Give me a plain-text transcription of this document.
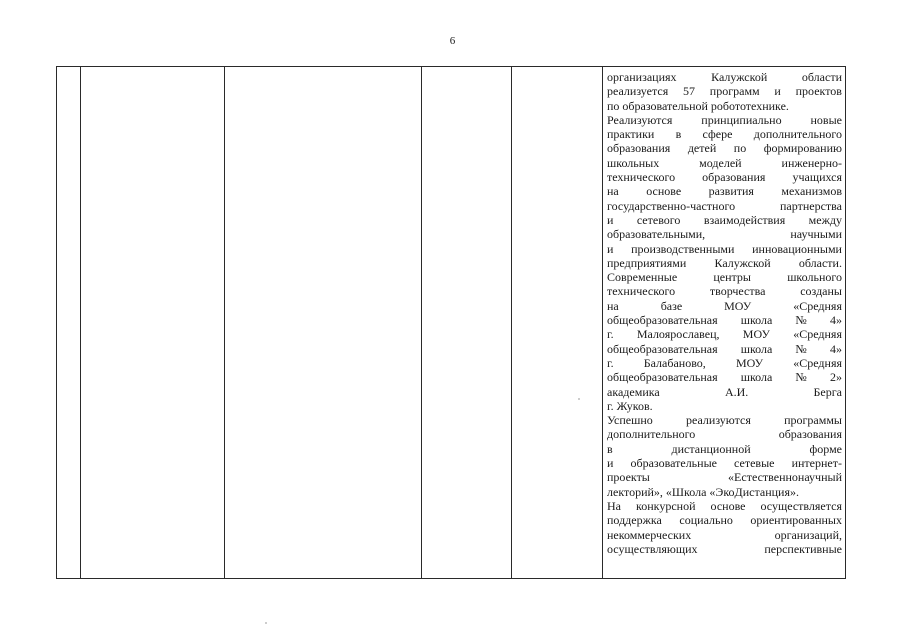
6
организациях	Калужской	области
реализуется 57 программ и проектов
по образовательной робототехнике.
Реализуются принципиально новые
практики в сфере дополнительного
образования детей по формированию
школьных	моделей	инженерно-
технического образования учащихся
на основе развития механизмов
государственно-частного	партнерства
и сетевого взаимодействия между
образовательными,	научными
и производственными инновационными
предприятиями Калужской области.
Современные	центры	школьного
технического	творчества	созданы
на	базе	МОУ	«Средняя
общеобразовательная школа № 4»
г. Малоярославец, МОУ «Средняя
общеобразовательная школа № 4»
г.	Балабаново,	МОУ	«Средняя
общеобразовательная школа № 2»
академика	А.И.	Берга
г. Жуков.
Успешно	реализуются	программы
дополнительного	образования
в	дистанционной	форме
и образовательные сетевые интернет-
проекты	«Естественнонаучный
лекторий», «Школа «ЭкоДистанция».
На конкурсной основе осуществляется
поддержка социально ориентированных
некоммерческих	организаций,
осуществляющих	перспективные
